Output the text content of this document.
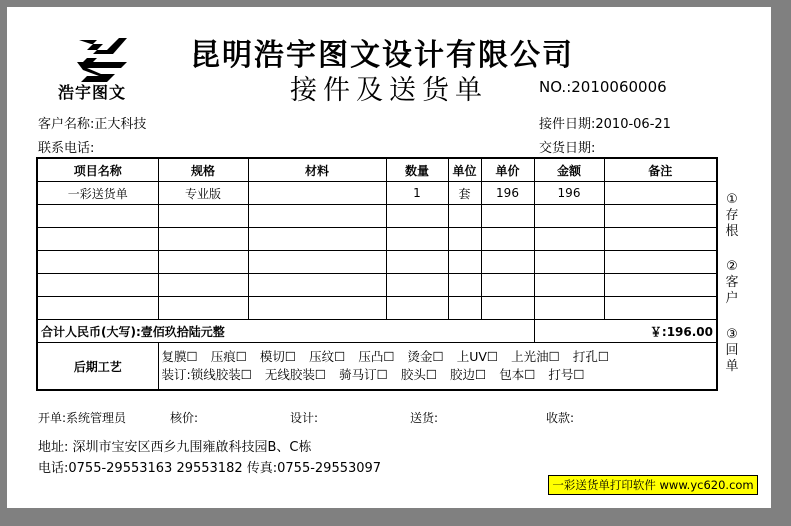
浩宇图文
昆明浩宇图文设计有限公司
接件及送货单	NO.:2010060006
客户名称:正大科技
联系电话:
接件日期:2010-06-21
交货日期:
项目名称	规格	材料	数量	单位	单价	金额	备注
一彩送货单	专业版		1	套	196	196	

合计人民币(大写):壹佰玖拾陆元整						￥:196.00	
后期工艺	复膜☐ 压痕☐ 模切☐ 压纹☐ 压凸☐ 烫金☐ 上UV☐ 上光油☐ 打孔☐
装订:锁线胶装☐ 无线胶装☐ 骑马订☐ 胶头☐ 胶边☐ 包本☐ 打号☐						
①存根
②客户
③回单
开单:系统管理员	核价:	设计:	送货:	收款:
地址: 深圳市宝安区西乡九围雍啟科技园B、C栋
电话:0755-29553163 29553182 传真:0755-29553097
一彩送货单打印软件 www.yc620.com
